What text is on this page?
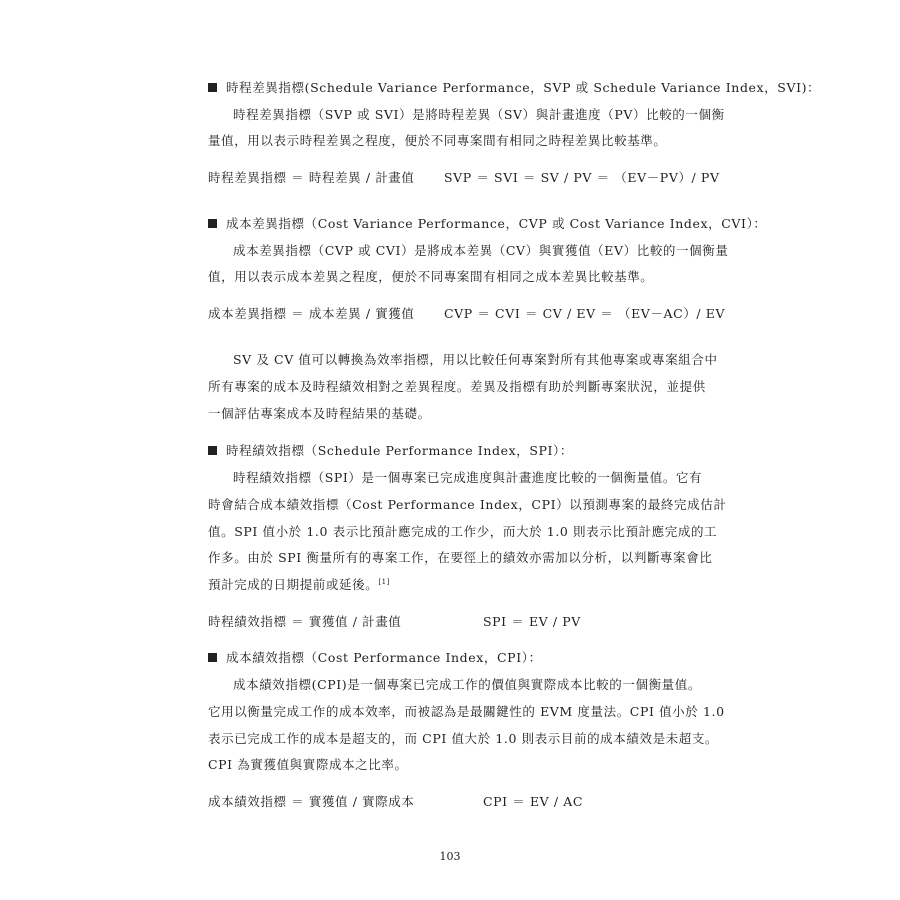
時程差異指標(Schedule Variance Performance，SVP 或 Schedule Variance Index，SVI)：
時程差異指標（SVP 或 SVI）是將時程差異（SV）與計畫進度（PV）比較的一個衡
量值，用以表示時程差異之程度，便於不同專案間有相同之時程差異比較基準。
時程差異指標 ＝ 時程差異 / 計畫值 SVP ＝ SVI ＝ SV / PV ＝ （EV－PV）/ PV
成本差異指標（Cost Variance Performance，CVP 或 Cost Variance Index，CVI）：
成本差異指標（CVP 或 CVI）是將成本差異（CV）與實獲值（EV）比較的一個衡量
值，用以表示成本差異之程度，便於不同專案間有相同之成本差異比較基準。
成本差異指標 ＝ 成本差異 / 實獲值 CVP ＝ CVI ＝ CV / EV ＝ （EV－AC）/ EV
SV 及 CV 值可以轉換為效率指標，用以比較任何專案對所有其他專案或專案組合中
所有專案的成本及時程績效相對之差異程度。差異及指標有助於判斷專案狀況，並提供
一個評估專案成本及時程結果的基礎。
時程績效指標（Schedule Performance Index，SPI）：
時程績效指標（SPI）是一個專案已完成進度與計畫進度比較的一個衡量值。它有
時會結合成本績效指標（Cost Performance Index，CPI）以預測專案的最終完成估計
值。SPI 值小於 1.0 表示比預計應完成的工作少，而大於 1.0 則表示比預計應完成的工
作多。由於 SPI 衡量所有的專案工作，在要徑上的績效亦需加以分析，以判斷專案會比
預計完成的日期提前或延後。[1]
時程績效指標 ＝ 實獲值 / 計畫值	SPI ＝ EV / PV
成本績效指標（Cost Performance Index，CPI）：
成本績效指標(CPI)是一個專案已完成工作的價值與實際成本比較的一個衡量值。
它用以衡量完成工作的成本效率，而被認為是最關鍵性的 EVM 度量法。CPI 值小於 1.0
表示已完成工作的成本是超支的，而 CPI 值大於 1.0 則表示目前的成本績效是未超支。
CPI 為實獲值與實際成本之比率。
成本績效指標 ＝ 實獲值 / 實際成本	CPI ＝ EV / AC
103
